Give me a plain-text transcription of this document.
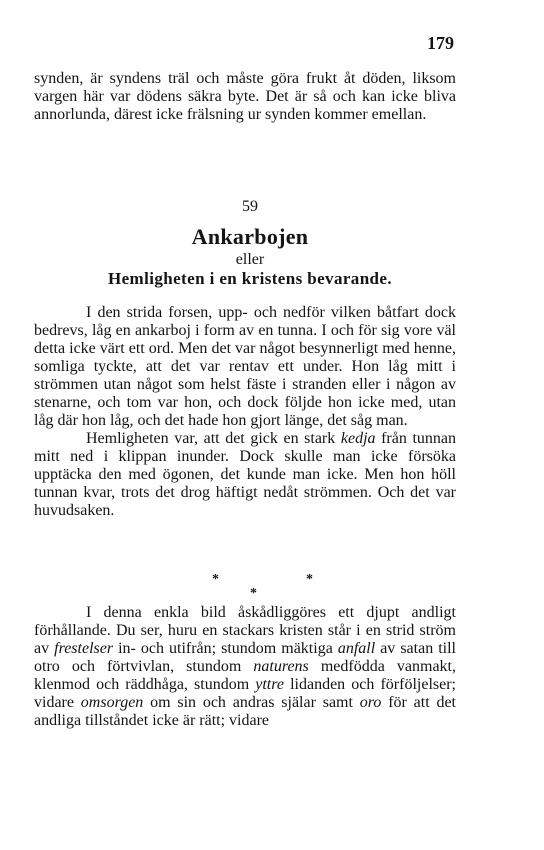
179

synden, är syndens träl och måste göra frukt åt döden, liksom vargen här var dödens säkra byte. Det är så och kan icke bliva annorlunda, därest icke frälsning ur synden kommer emellan.

59
Ankarbojen
eller
Hemligheten i en kristens bevarande.

I den strida forsen, upp- och nedför vilken båtfart dock bedrevs, låg en ankarboj i form av en tunna. I och för sig vore väl detta icke värt ett ord. Men det var något besynnerligt med henne, somliga tyckte, att det var rentav ett under. Hon låg mitt i strömmen utan något som helst fäste i stranden eller i någon av stenarne, och tom var hon, och dock följde hon icke med, utan låg där hon låg, och det hade hon gjort länge, det såg man.

Hemligheten var, att det gick en stark kedja från tunnan mitt ned i klippan inunder. Dock skulle man icke försöka upptäcka den med ögonen, det kunde man icke. Men hon höll tunnan kvar, trots det drog häftigt nedåt strömmen. Och det var huvudsaken.

*	*
*

I denna enkla bild åskådliggöres ett djupt andligt förhållande. Du ser, huru en stackars kristen står i en strid ström av frestelser in- och utifrån; stundom mäktiga anfall av satan till otro och förtvivlan, stundom naturens medfödda vanmakt, klenmod och räddhåga, stundom yttre lidanden och förföljelser; vidare omsorgen om sin och andras själar samt oro för att det andliga tillståndet icke är rätt; vidare
